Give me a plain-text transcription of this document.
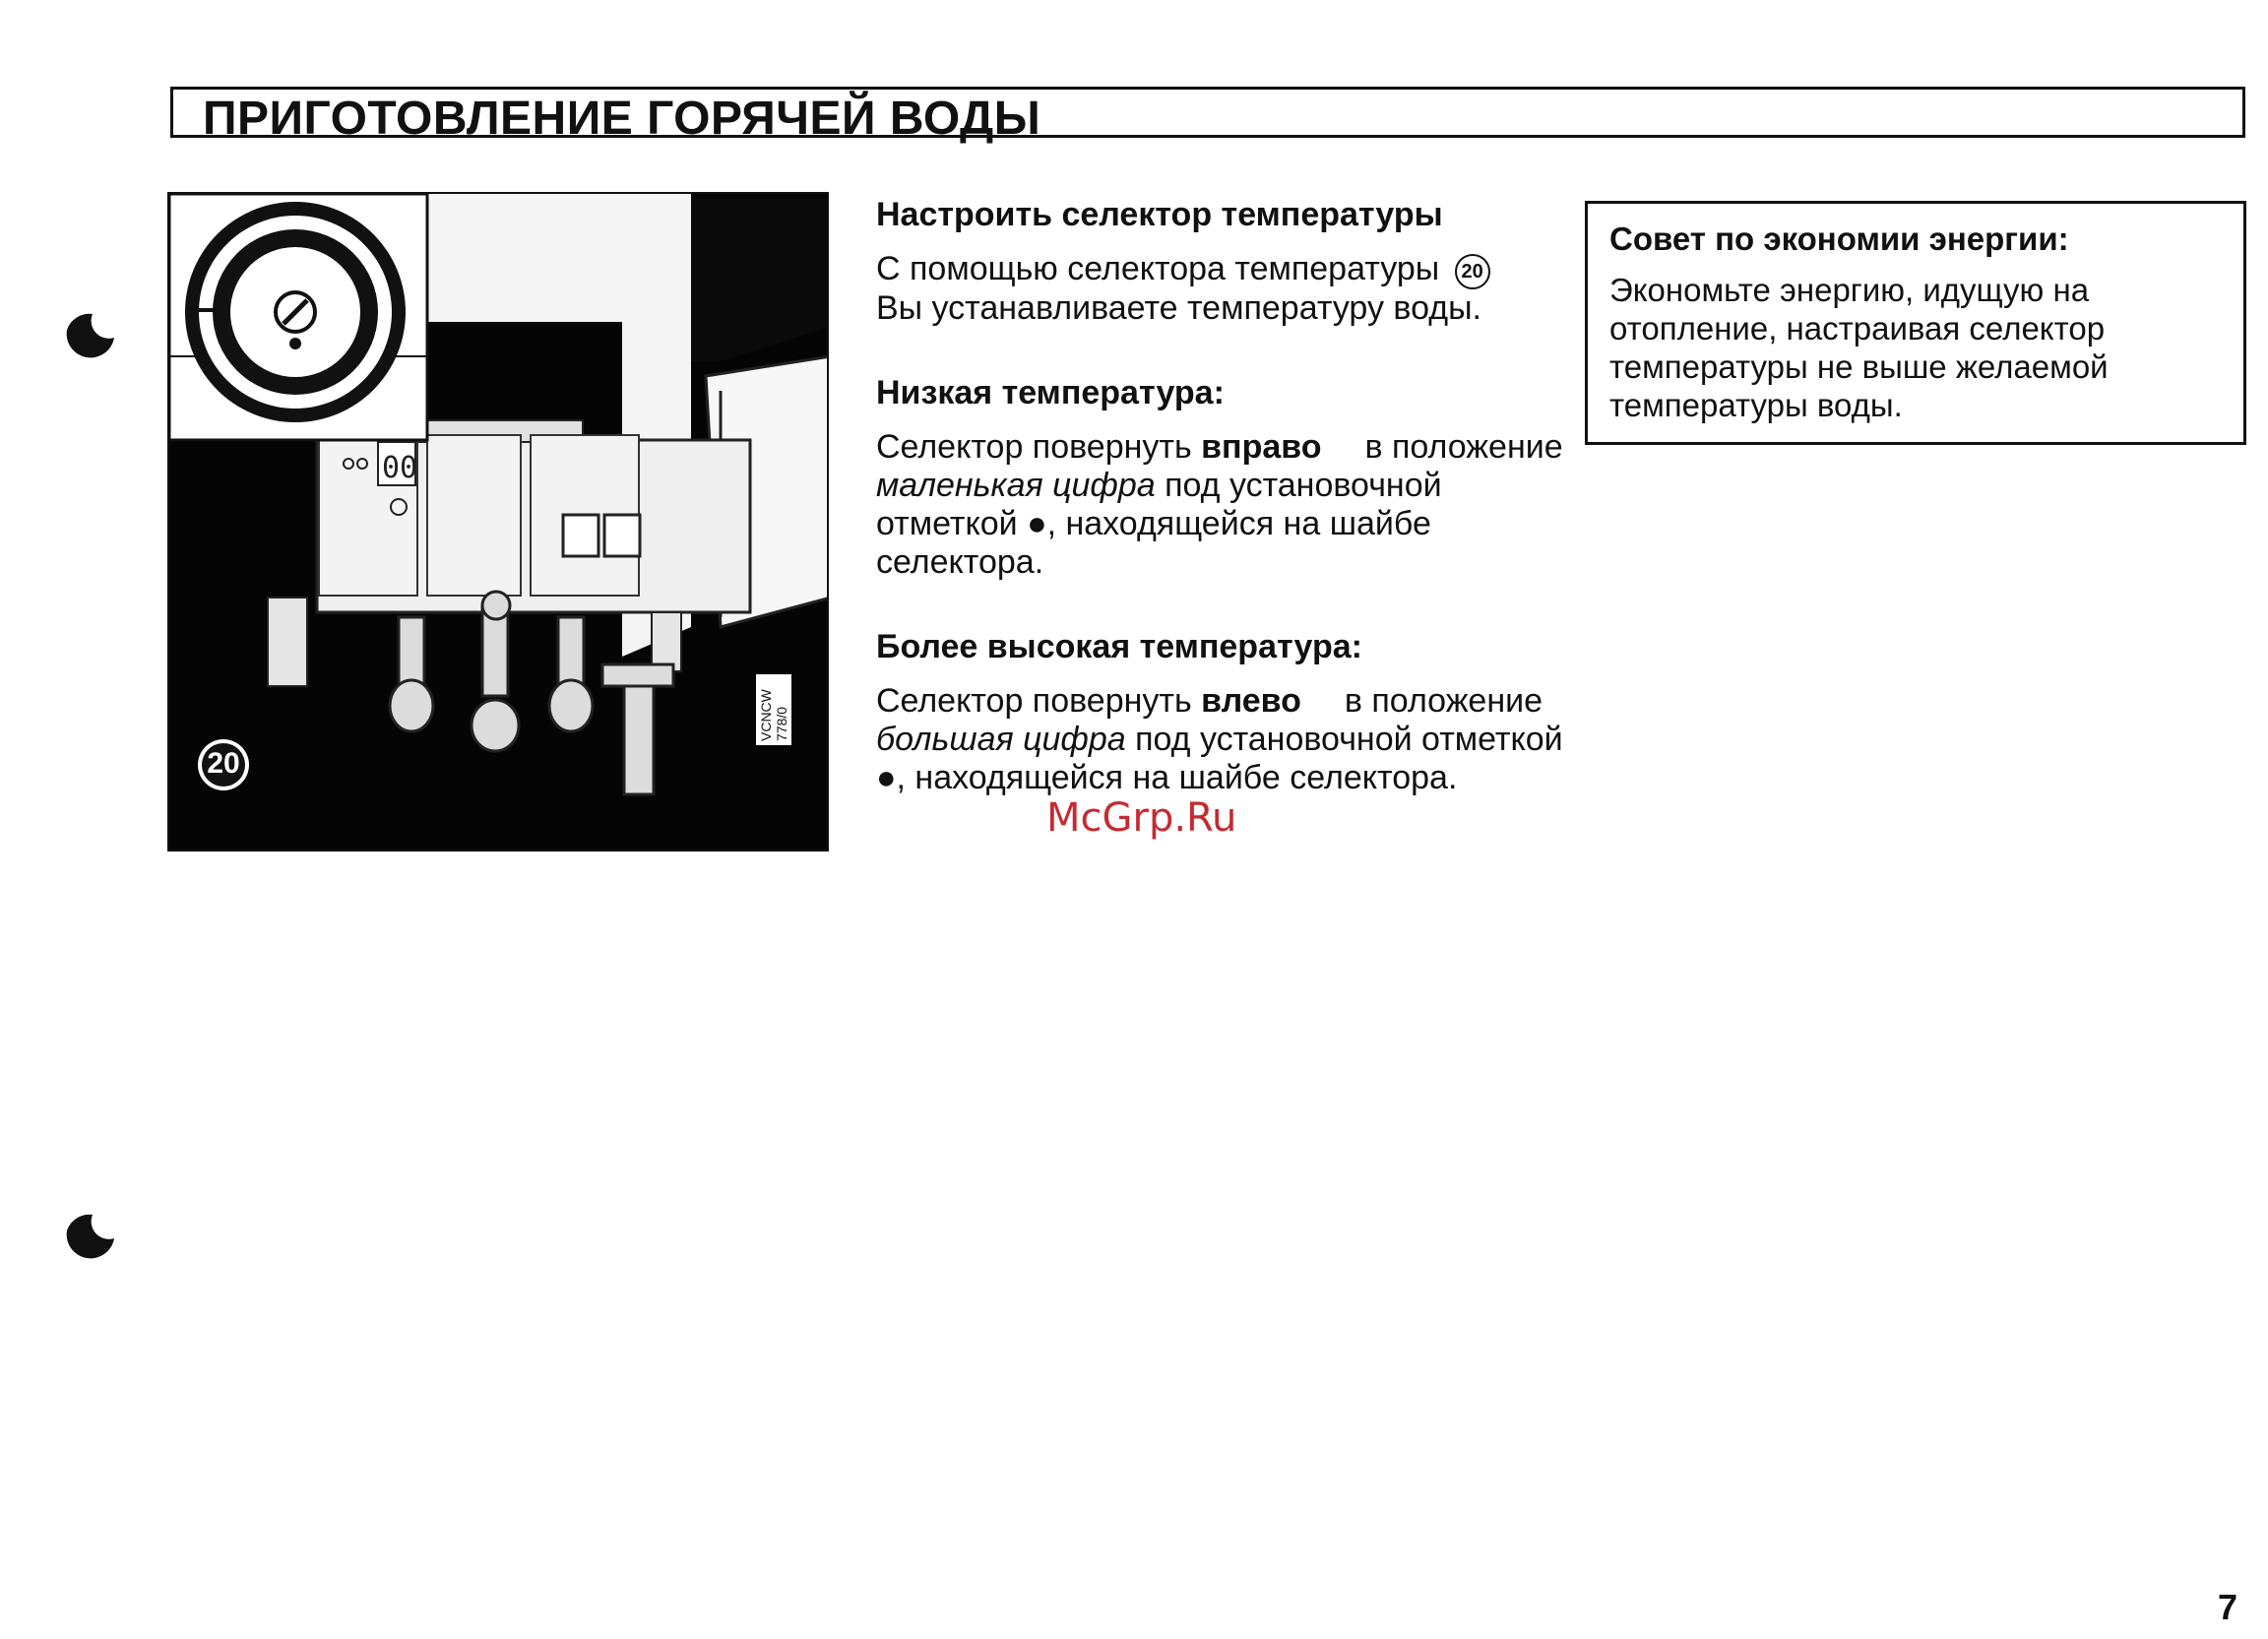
ПРИГОТОВЛЕНИЕ ГОРЯЧЕЙ ВОДЫ
00
20
VCNCW 778/0
Настроить селектор температуры

С помощью селектора температуры 20
Вы устанавливаете температуру воды.

Низкая температура:

Селектор повернуть вправо в положение маленькая цифра под установочной отметкой ●, находящейся на шайбе селектора.

Более высокая температура:

Селектор повернуть влево в положение большая цифра под установочной отметкой ●, находящейся на шайбе селектора.

Совет по экономии энергии:

Экономьте энергию, идущую на отопление, настраивая селектор температуры не выше желаемой температуры воды.

McGrp.Ru
7
